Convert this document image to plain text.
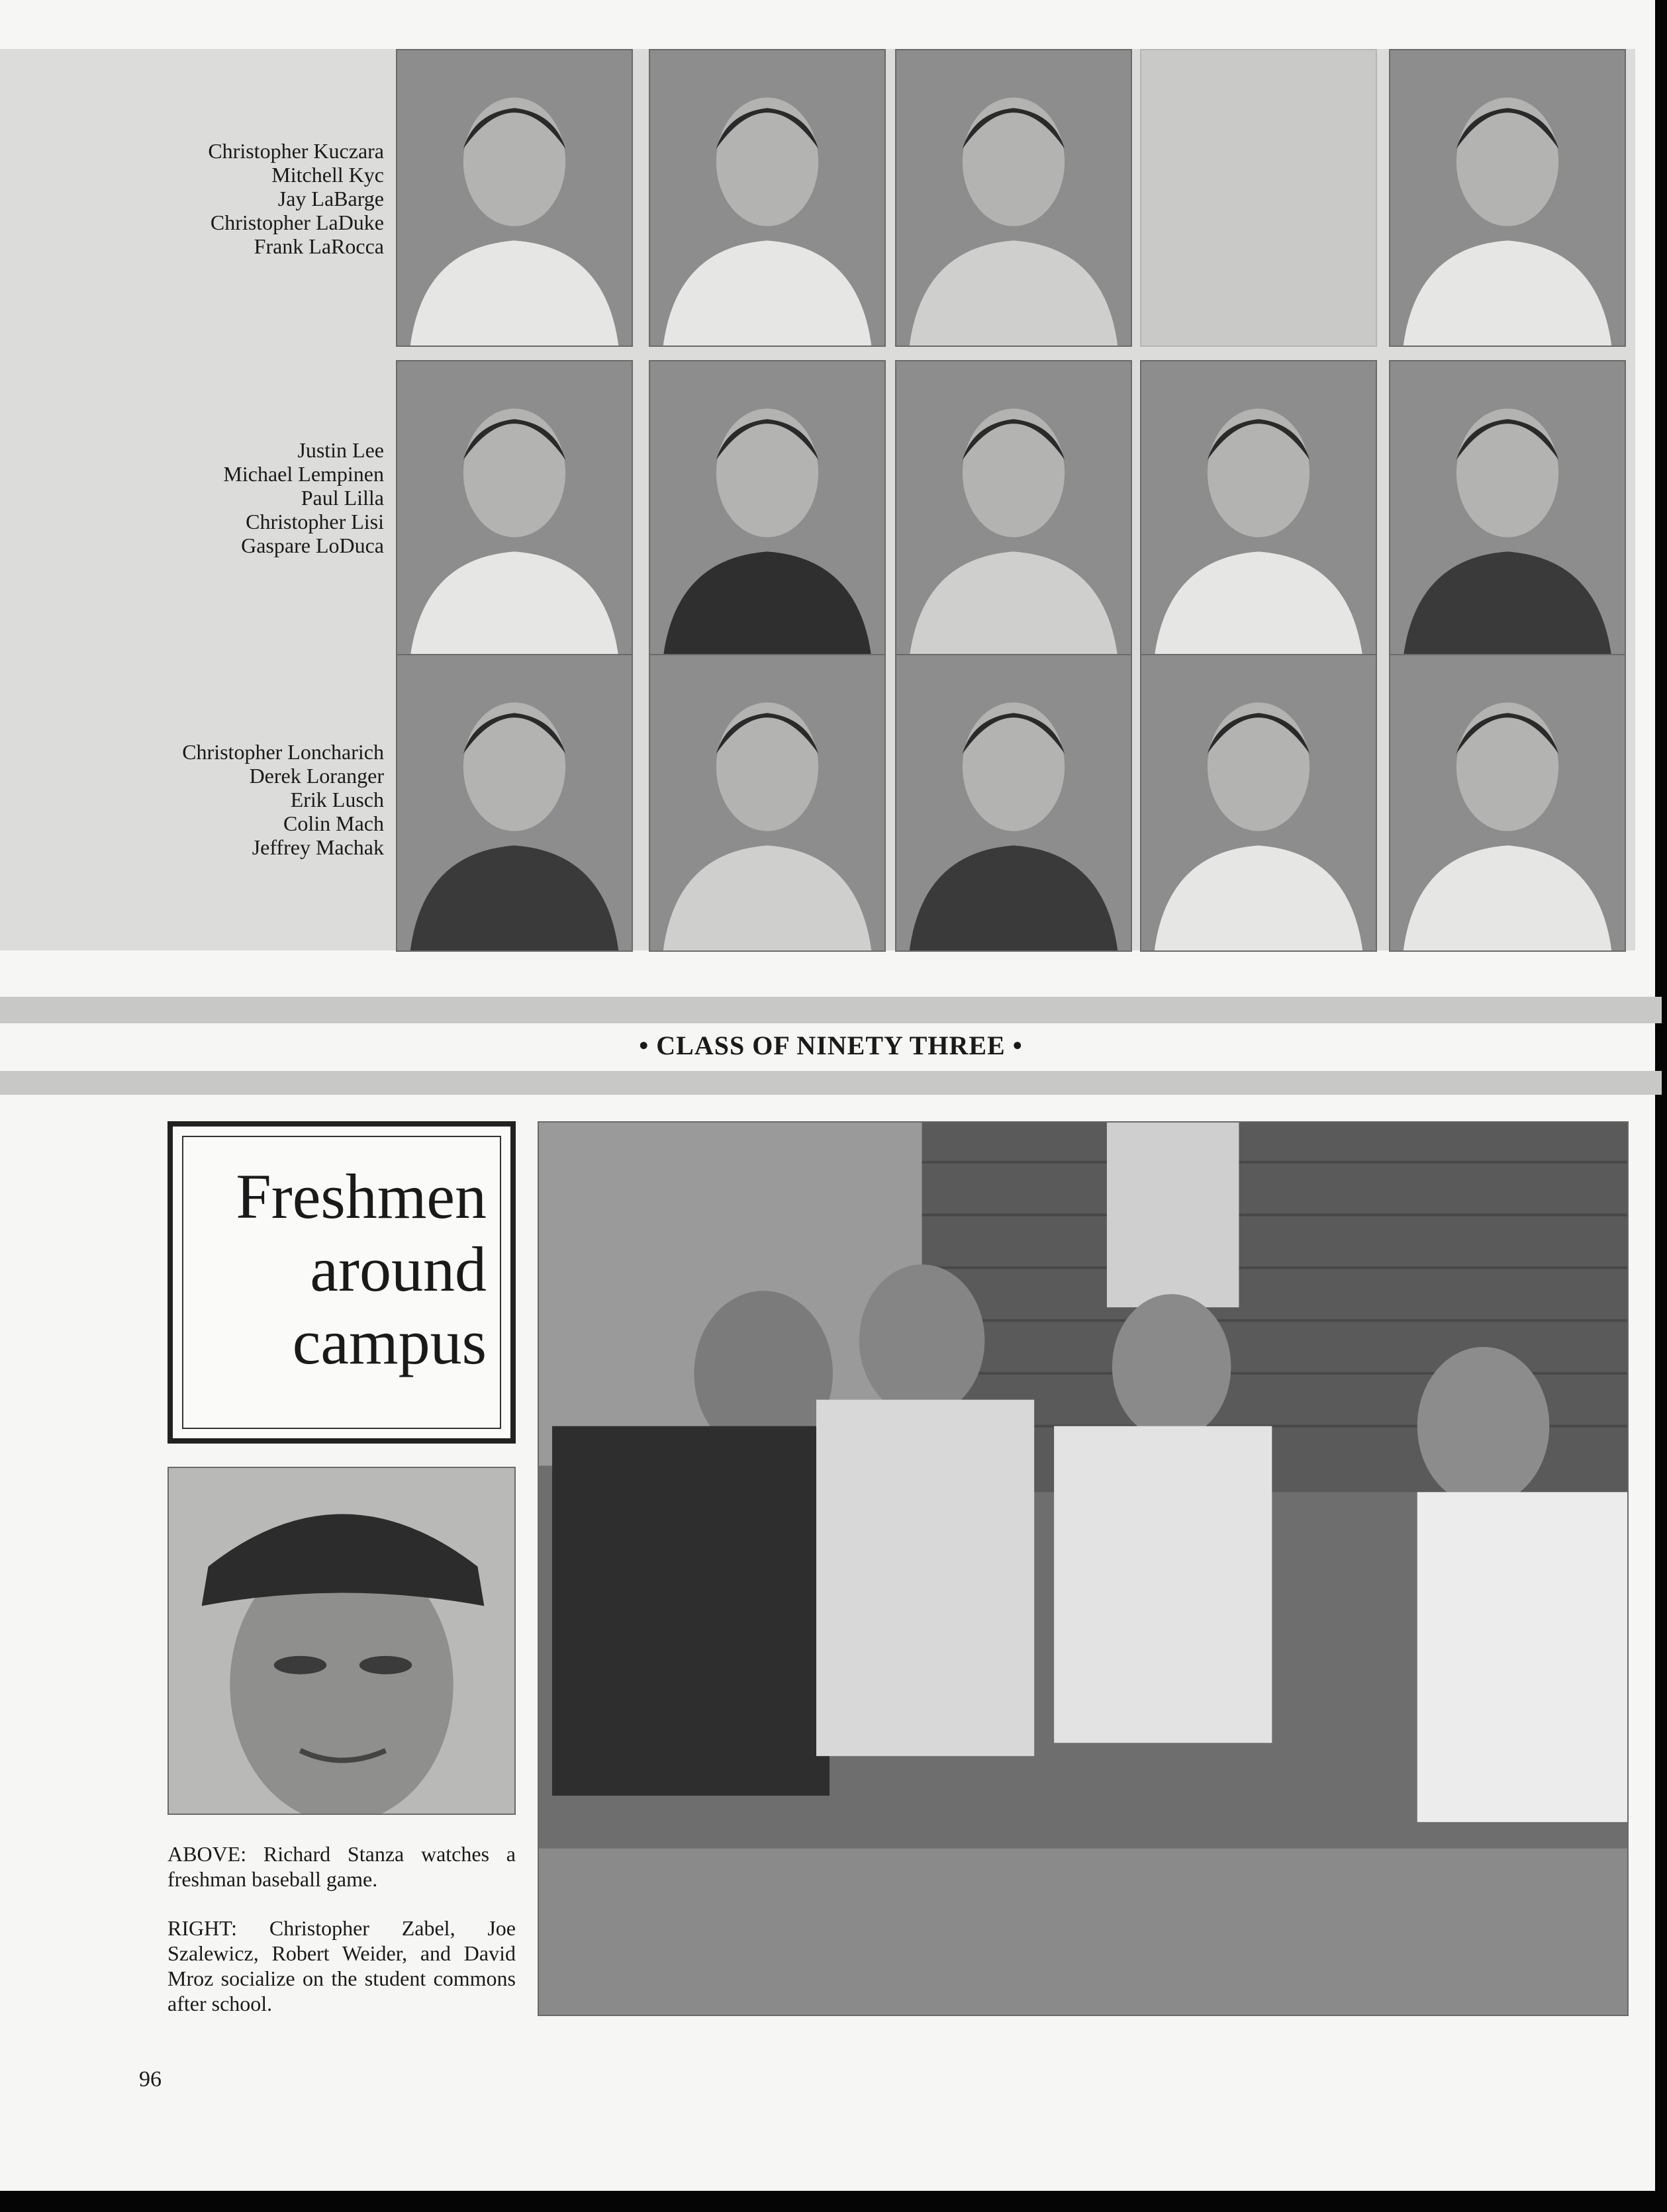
Christopher Kuczara
Mitchell Kyc
Jay LaBarge
Christopher LaDuke
Frank LaRocca
Justin Lee
Michael Lempinen
Paul Lilla
Christopher Lisi
Gaspare LoDuca
Christopher Loncharich
Derek Loranger
Erik Lusch
Colin Mach
Jeffrey Machak
• CLASS OF NINETY THREE •
Freshmen
around
campus
ABOVE: Richard Stanza watches a freshman baseball game.
RIGHT: Christopher Zabel, Joe Szalewicz, Robert Weider, and David Mroz socialize on the student commons after school.
96
